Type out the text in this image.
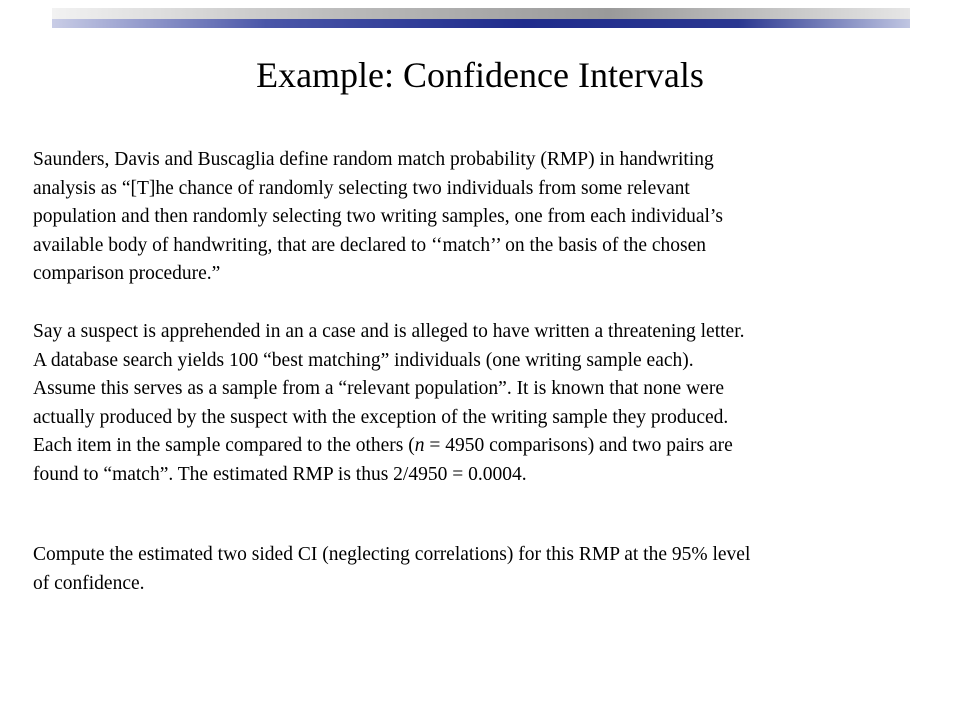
Example: Confidence Intervals
Saunders, Davis and Buscaglia define random match probability (RMP) in handwriting
analysis as “[T]he chance of randomly selecting two individuals from some relevant
population and then randomly selecting two writing samples, one from each individual’s
available body of handwriting, that are declared to ‘‘match’’ on the basis of the chosen
comparison procedure.”
Say a suspect is apprehended in an a case and is alleged to have written a threatening letter.
A database search yields 100 “best matching” individuals (one writing sample each).
Assume this serves as a sample from a “relevant population”. It is known that none were
actually produced by the suspect with the exception of the writing sample they produced.
Each item in the sample compared to the others (n = 4950 comparisons) and two pairs are
found to “match”. The estimated RMP is thus 2/4950 = 0.0004.
Compute the estimated two sided CI (neglecting correlations) for this RMP at the 95% level
of confidence.
